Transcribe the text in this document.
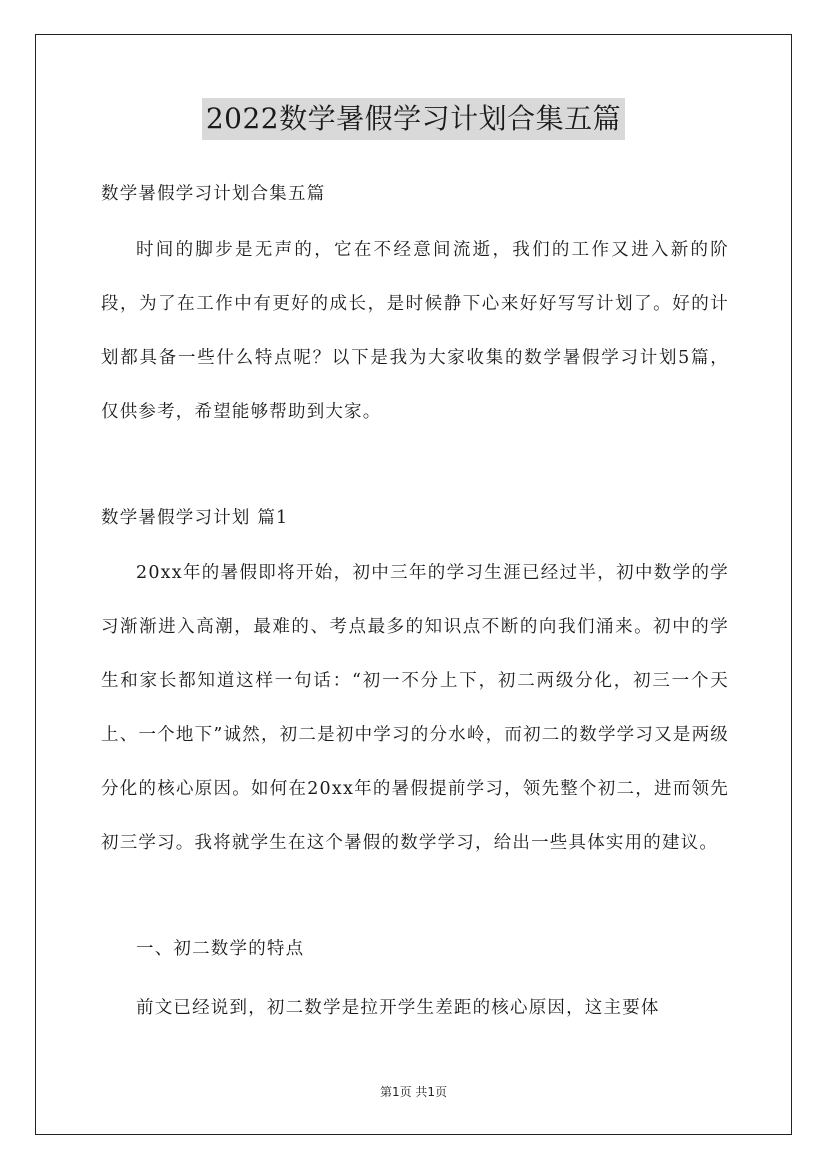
2022数学暑假学习计划合集五篇

数学暑假学习计划合集五篇

时间的脚步是无声的，它在不经意间流逝，我们的工作又进入新的阶段，为了在工作中有更好的成长，是时候静下心来好好写写计划了。好的计划都具备一些什么特点呢？以下是我为大家收集的数学暑假学习计划5篇，仅供参考，希望能够帮助到大家。

数学暑假学习计划 篇1

20xx年的暑假即将开始，初中三年的学习生涯已经过半，初中数学的学习渐渐进入高潮，最难的、考点最多的知识点不断的向我们涌来。初中的学生和家长都知道这样一句话：“初一不分上下，初二两级分化，初三一个天上、一个地下”诚然，初二是初中学习的分水岭，而初二的数学学习又是两级分化的核心原因。如何在20xx年的暑假提前学习，领先整个初二，进而领先初三学习。我将就学生在这个暑假的数学学习，给出一些具体实用的建议。

一、初二数学的特点

前文已经说到，初二数学是拉开学生差距的核心原因，这主要体

第1页 共1页
